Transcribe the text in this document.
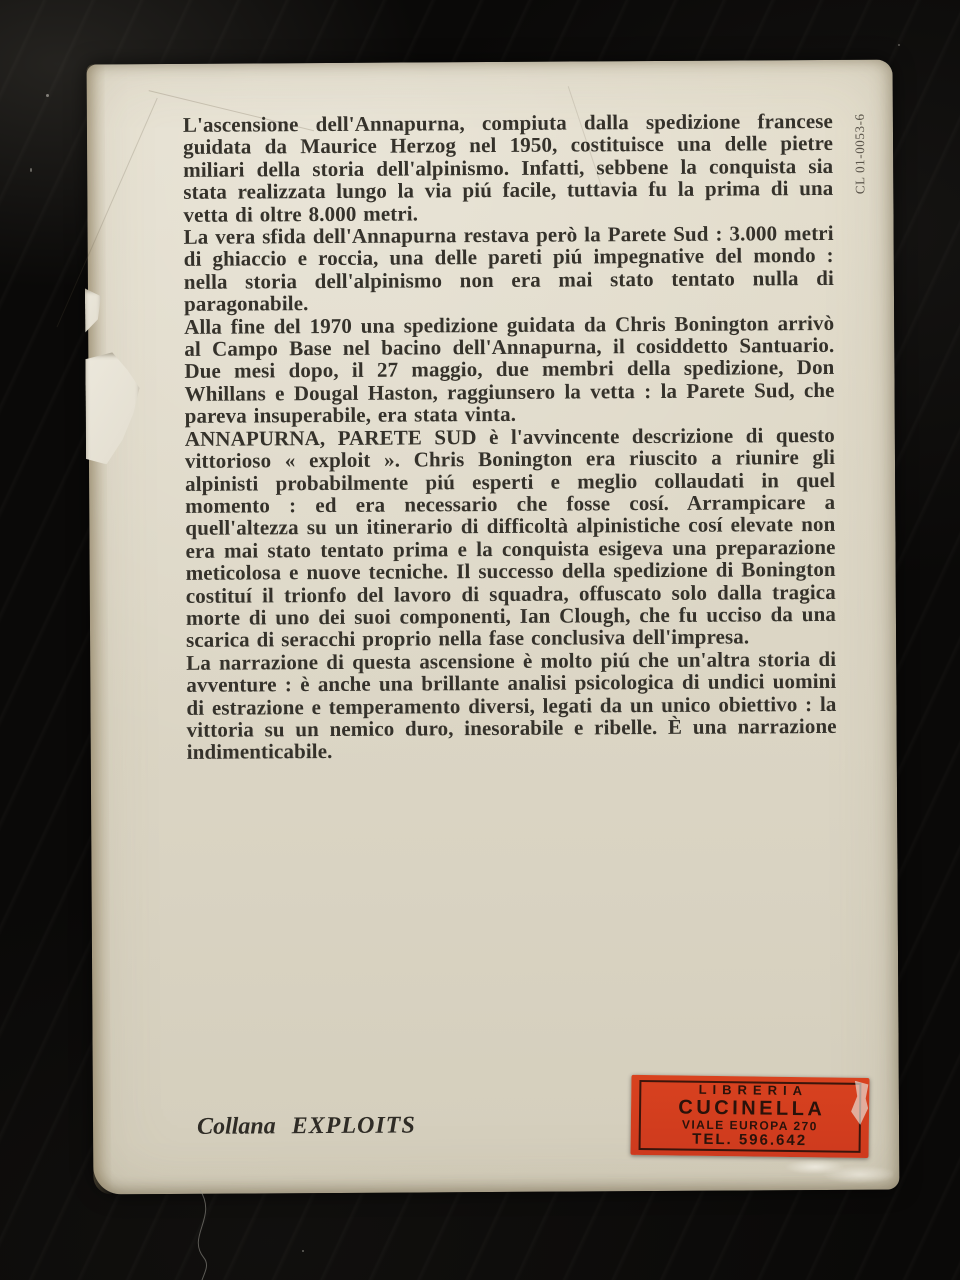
L'ascensione dell'Annapurna, compiuta dalla spedizione francese guidata da Maurice Herzog nel 1950, costituisce una delle pietre miliari della storia dell'alpinismo. Infatti, sebbene la conquista sia stata realizzata lungo la via piú facile, tuttavia fu la prima di una vetta di oltre 8.000 metri.

La vera sfida dell'Annapurna restava però la Parete Sud : 3.000 metri di ghiaccio e roccia, una delle pareti piú impegnative del mondo : nella storia dell'alpinismo non era mai stato tentato nulla di paragonabile.

Alla fine del 1970 una spedizione guidata da Chris Bonington arrivò al Campo Base nel bacino dell'Annapurna, il cosiddetto Santuario. Due mesi dopo, il 27 maggio, due membri della spedizione, Don Whillans e Dougal Haston, raggiunsero la vetta : la Parete Sud, che pareva insuperabile, era stata vinta.

ANNAPURNA, PARETE SUD è l'avvincente descrizione di questo vittorioso « exploit ». Chris Bonington era riuscito a riunire gli alpinisti probabilmente piú esperti e meglio collaudati in quel momento : ed era necessario che fosse cosí. Arrampicare a quell'altezza su un itinerario di difficoltà alpinistiche cosí elevate non era mai stato tentato prima e la conquista esigeva una preparazione meticolosa e nuove tecniche. Il successo della spedizione di Bonington costituí il trionfo del lavoro di squadra, offuscato solo dalla tragica morte di uno dei suoi componenti, Ian Clough, che fu ucciso da una scarica di seracchi proprio nella fase conclusiva dell'impresa.

La narrazione di questa ascensione è molto piú che un'altra storia di avventure : è anche una brillante analisi psicologica di undici uomini di estrazione e temperamento diversi, legati da un unico obiettivo : la vittoria su un nemico duro, inesorabile e ribelle. È una narrazione indimenticabile.

CL 01-0053-6
Collana EXPLOITS
LIBRERIA
CUCINELLA
VIALE EUROPA 270
TEL. 596.642
